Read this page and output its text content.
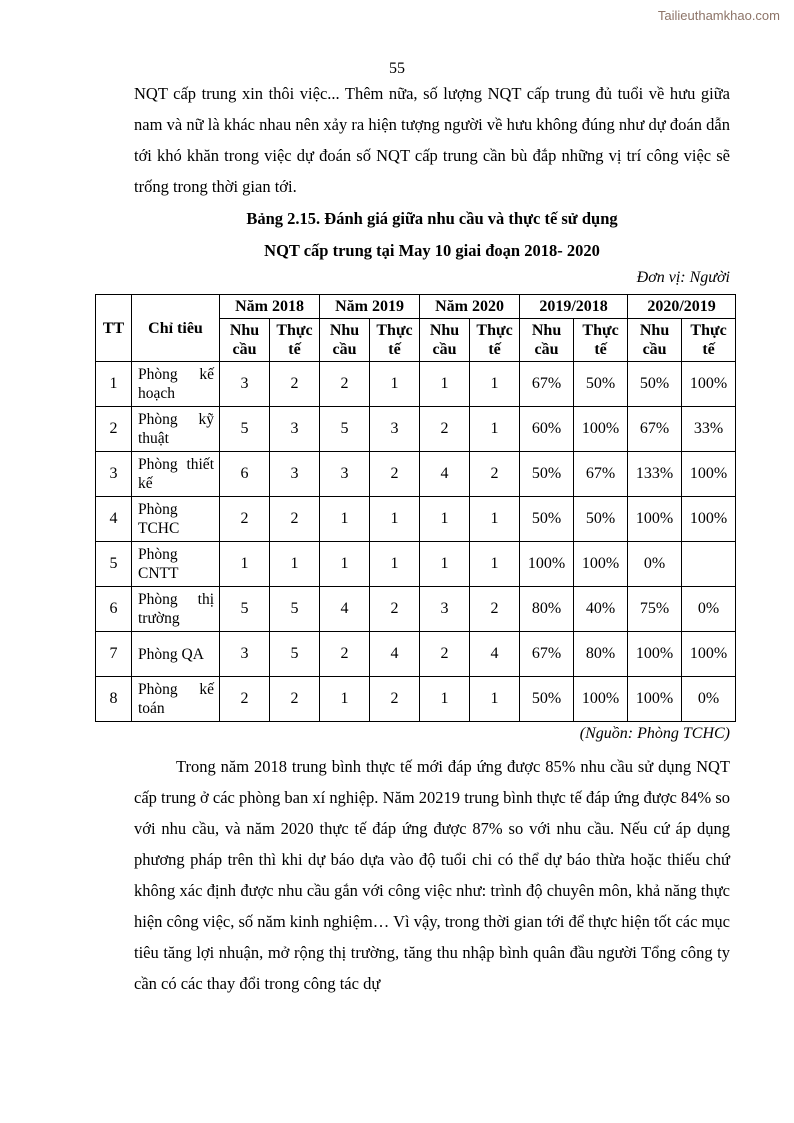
Tailieuthamkhao.com
55

NQT cấp trung xin thôi việc... Thêm nữa, số lượng NQT cấp trung đủ tuổi về hưu giữa nam và nữ là khác nhau nên xảy ra hiện tượng người về hưu không đúng như dự đoán dẫn tới khó khăn trong việc dự đoán số NQT cấp trung cần bù đắp những vị trí công việc sẽ trống trong thời gian tới.

Bảng 2.15. Đánh giá giữa nhu cầu và thực tế sử dụng
NQT cấp trung tại May 10 giai đoạn 2018- 2020
Đơn vị: Người
TT	Chỉ tiêu	Năm 2018		Năm 2019		Năm 2020		2019/2018		2020/2019	
		Nhu cầu	Thực tế	Nhu cầu	Thực tế	Nhu cầu	Thực tế	Nhu cầu	Thực tế	Nhu cầu	Thực tế
1	Phòng kế hoạch	3	2	2	1	1	1	67%	50%	50%	100%
2	Phòng kỹ thuật	5	3	5	3	2	1	60%	100%	67%	33%
3	Phòng thiết kế	6	3	3	2	4	2	50%	67%	133%	100%
4	Phòng TCHC	2	2	1	1	1	1	50%	50%	100%	100%
5	Phòng CNTT	1	1	1	1	1	1	100%	100%	0%	
6	Phòng thị trường	5	5	4	2	3	2	80%	40%	75%	0%
7	Phòng QA	3	5	2	4	2	4	67%	80%	100%	100%
8	Phòng kế toán	2	2	1	2	1	1	50%	100%	100%	0%
(Nguồn: Phòng TCHC)

Trong năm 2018 trung bình thực tế mới đáp ứng được 85% nhu cầu sử dụng NQT cấp trung ở các phòng ban xí nghiệp. Năm 20219 trung bình thực tế đáp ứng được 84% so với nhu cầu, và năm 2020 thực tế đáp ứng được 87% so với nhu cầu. Nếu cứ áp dụng phương pháp trên thì khi dự báo dựa vào độ tuổi chi có thể dự báo thừa hoặc thiếu chứ không xác định được nhu cầu gắn với công việc như: trình độ chuyên môn, khả năng thực hiện công việc, số năm kinh nghiệm… Vì vậy, trong thời gian tới để thực hiện tốt các mục tiêu tăng lợi nhuận, mở rộng thị trường, tăng thu nhập bình quân đầu người Tổng công ty cần có các thay đổi trong công tác dự
